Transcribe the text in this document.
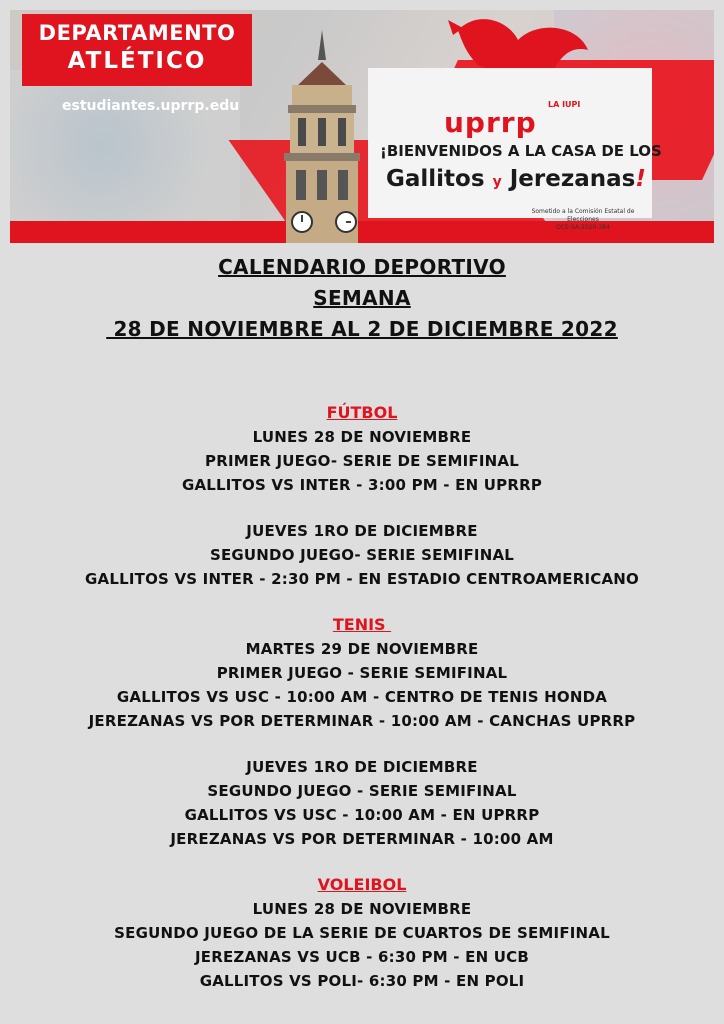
DEPARTAMENTO
ATLÉTICO
estudiantes.uprrp.edu	LA IUPI
uprrp
¡BIENVENIDOS A LA CASA DE LOS
Gallitos y Jerezanas!
Sometido a la Comisión Estatal de Elecciones
OCE-SA-2020-384
CALENDARIO DEPORTIVO
SEMANA
28 DE NOVIEMBRE AL 2 DE DICIEMBRE 2022
FÚTBOL
LUNES 28 DE NOVIEMBRE
PRIMER JUEGO- SERIE DE SEMIFINAL
GALLITOS VS INTER - 3:00 PM - EN UPRRP
JUEVES 1RO DE DICIEMBRE
SEGUNDO JUEGO- SERIE SEMIFINAL
GALLITOS VS INTER - 2:30 PM - EN ESTADIO CENTROAMERICANO
TENIS
MARTES 29 DE NOVIEMBRE
PRIMER JUEGO - SERIE SEMIFINAL
GALLITOS VS USC - 10:00 AM - CENTRO DE TENIS HONDA
JEREZANAS VS POR DETERMINAR - 10:00 AM - CANCHAS UPRRP
JUEVES 1RO DE DICIEMBRE
SEGUNDO JUEGO - SERIE SEMIFINAL
GALLITOS VS USC - 10:00 AM - EN UPRRP
JEREZANAS VS POR DETERMINAR - 10:00 AM
VOLEIBOL
LUNES 28 DE NOVIEMBRE
SEGUNDO JUEGO DE LA SERIE DE CUARTOS DE SEMIFINAL
JEREZANAS VS UCB - 6:30 PM - EN UCB
GALLITOS VS POLI- 6:30 PM - EN POLI
